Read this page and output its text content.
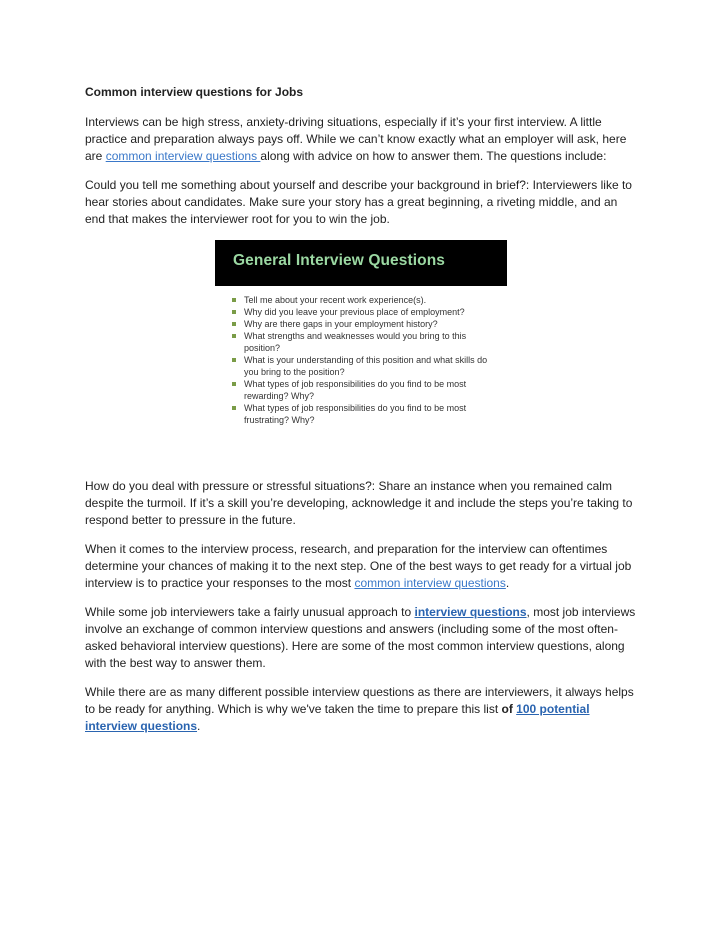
Common interview questions for Jobs

Interviews can be high stress, anxiety-driving situations, especially if it’s your first interview. A little practice and preparation always pays off. While we can’t know exactly what an employer will ask, here are common interview questions along with advice on how to answer them. The questions include:

Could you tell me something about yourself and describe your background in brief?: Interviewers like to hear stories about candidates. Make sure your story has a great beginning, a riveting middle, and an end that makes the interviewer root for you to win the job.

General Interview Questions
Tell me about your recent work experience(s).
Why did you leave your previous place of employment?
Why are there gaps in your employment history?
What strengths and weaknesses would you bring to this position?
What is your understanding of this position and what skills do you bring to the position?
What types of job responsibilities do you find to be most rewarding? Why?
What types of job responsibilities do you find to be most frustrating? Why?

How do you deal with pressure or stressful situations?: Share an instance when you remained calm despite the turmoil. If it’s a skill you’re developing, acknowledge it and include the steps you’re taking to respond better to pressure in the future.

When it comes to the interview process, research, and preparation for the interview can oftentimes determine your chances of making it to the next step. One of the best ways to get ready for a virtual job interview is to practice your responses to the most common interview questions.

While some job interviewers take a fairly unusual approach to interview questions, most job interviews involve an exchange of common interview questions and answers (including some of the most often-asked behavioral interview questions). Here are some of the most common interview questions, along with the best way to answer them.

While there are as many different possible interview questions as there are interviewers, it always helps to be ready for anything. Which is why we've taken the time to prepare this list of 100 potential interview questions.
